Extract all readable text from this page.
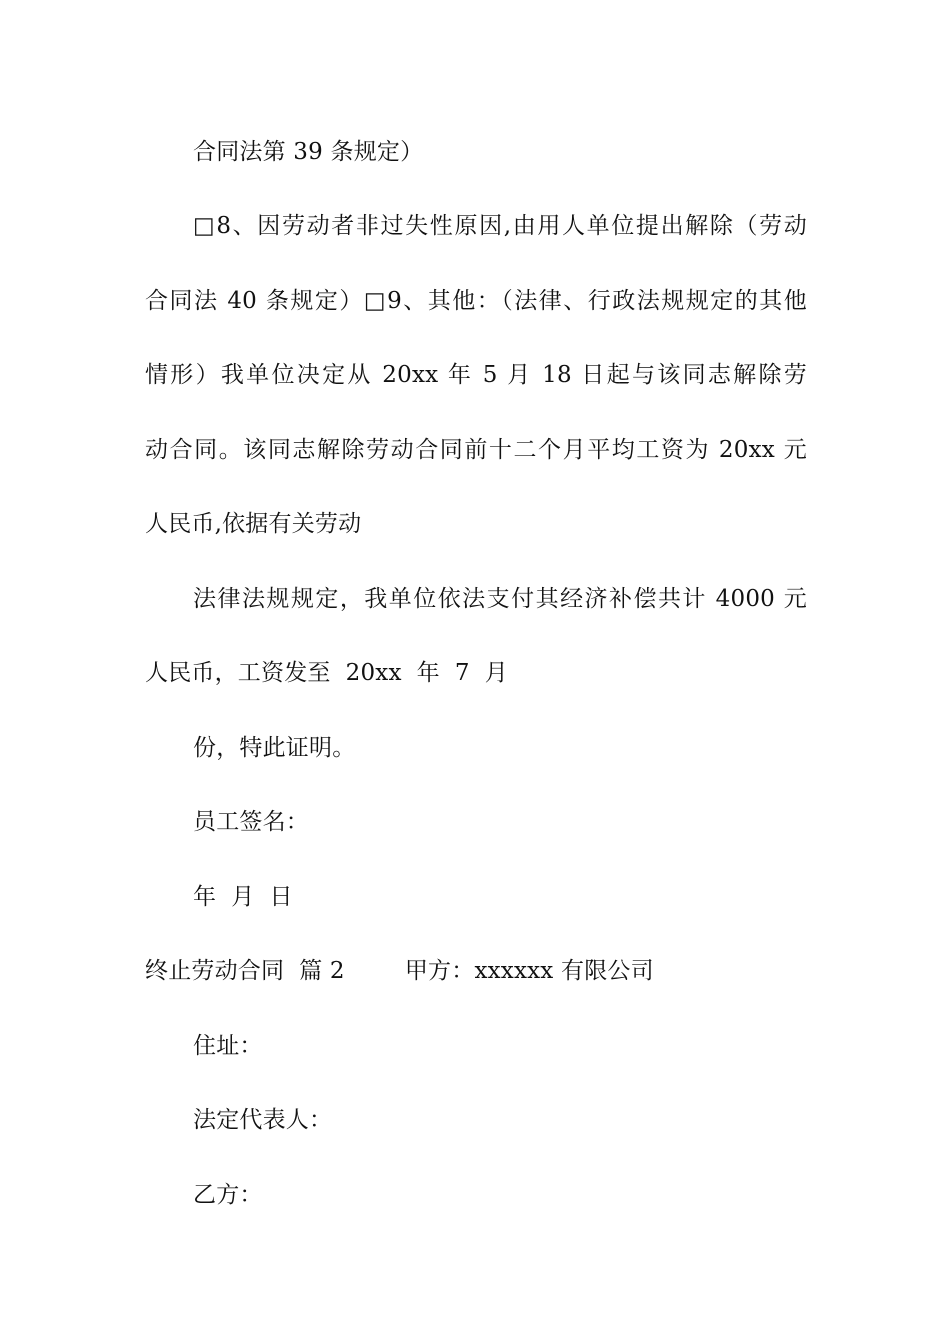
合同法第 39 条规定）
□8、因劳动者非过失性原因,由用人单位提出解除（劳动
合同法 40 条规定）□9、其他：（法律、行政法规规定的其他
情形）我单位决定从 20xx 年 5 月 18 日起与该同志解除劳
动合同。该同志解除劳动合同前十二个月平均工资为 20xx 元
人民币,依据有关劳动
法律法规规定，我单位依法支付其经济补偿共计 4000 元
人民币，工资发至  20xx  年  7  月
份，特此证明。
员工签名：
年  月  日
终止劳动合同  篇 2        甲方：xxxxxx 有限公司
住址：
法定代表人：
乙方：
